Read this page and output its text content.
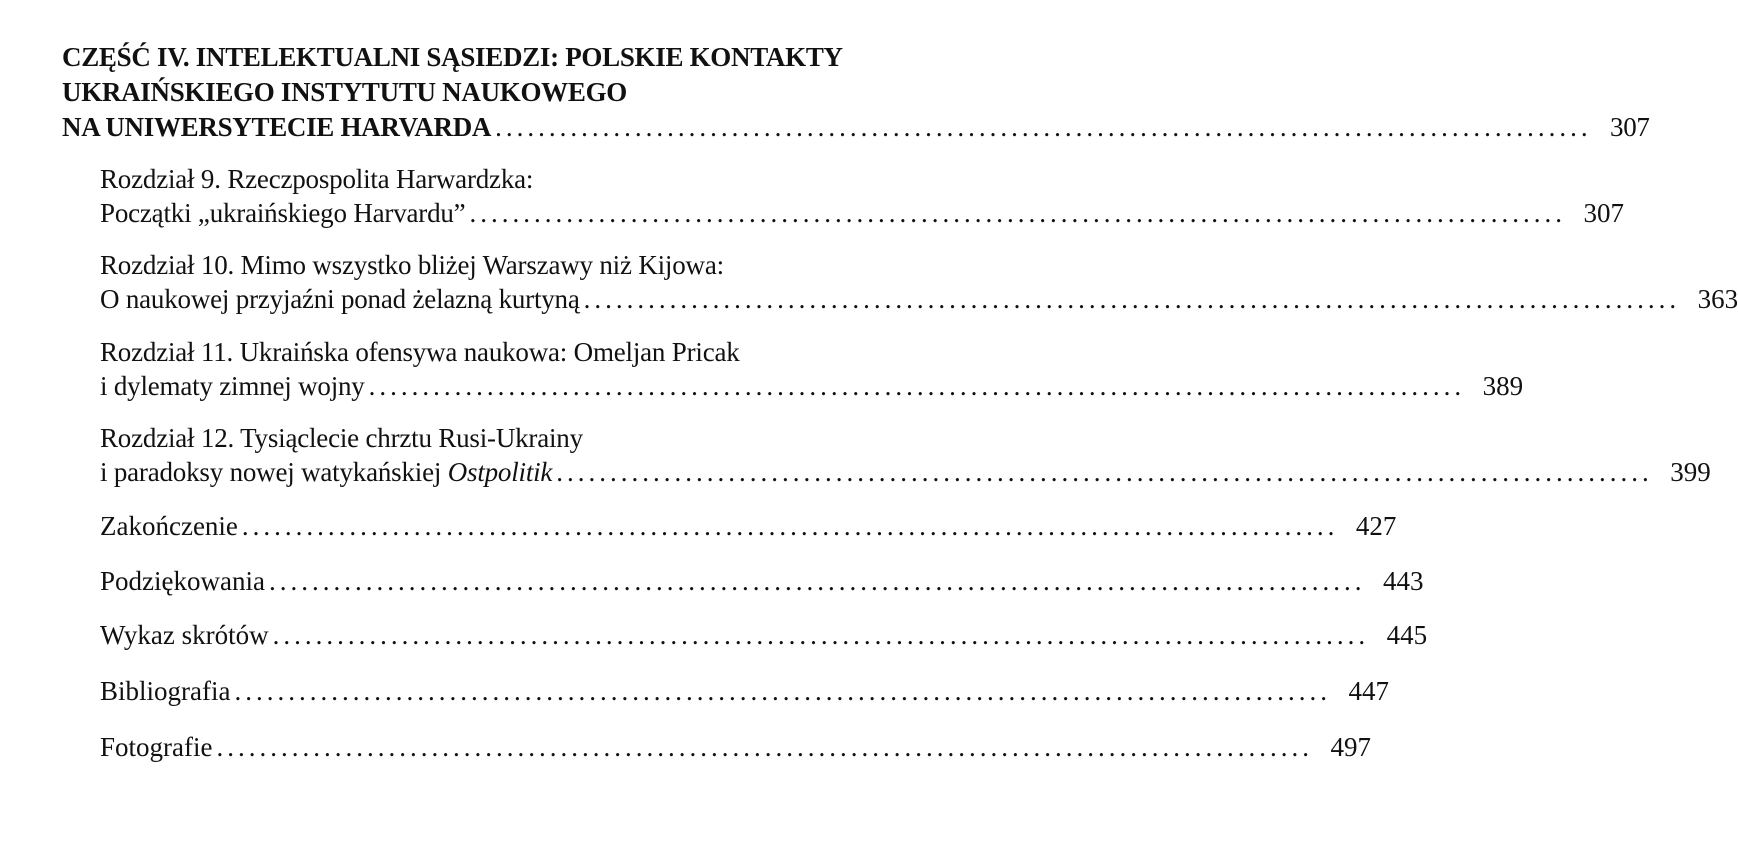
CZĘŚĆ IV. INTELEKTUALNI SĄSIEDZI: POLSKIE KONTAKTY
UKRAIŃSKIEGO INSTYTUTU NAUKOWEGO
NA UNIWERSYTECIE HARVARDA ...................................................................................................... 307
Rozdział 9. Rzeczpospolita Harwardzka:
Początki „ukraińskiego Harvardu” ...................................................................................................... 307
Rozdział 10. Mimo wszystko bliżej Warszawy niż Kijowa:
O naukowej przyjaźni ponad żelazną kurtyną ...................................................................................................... 363
Rozdział 11. Ukraińska ofensywa naukowa: Omeljan Pricak
i dylematy zimnej wojny ...................................................................................................... 389
Rozdział 12. Tysiąclecie chrztu Rusi-Ukrainy
i paradoksy nowej watykańskiej Ostpolitik ...................................................................................................... 399
Zakończenie ...................................................................................................... 427
Podziękowania ...................................................................................................... 443
Wykaz skrótów ...................................................................................................... 445
Bibliografia ...................................................................................................... 447
Fotografie ...................................................................................................... 497
